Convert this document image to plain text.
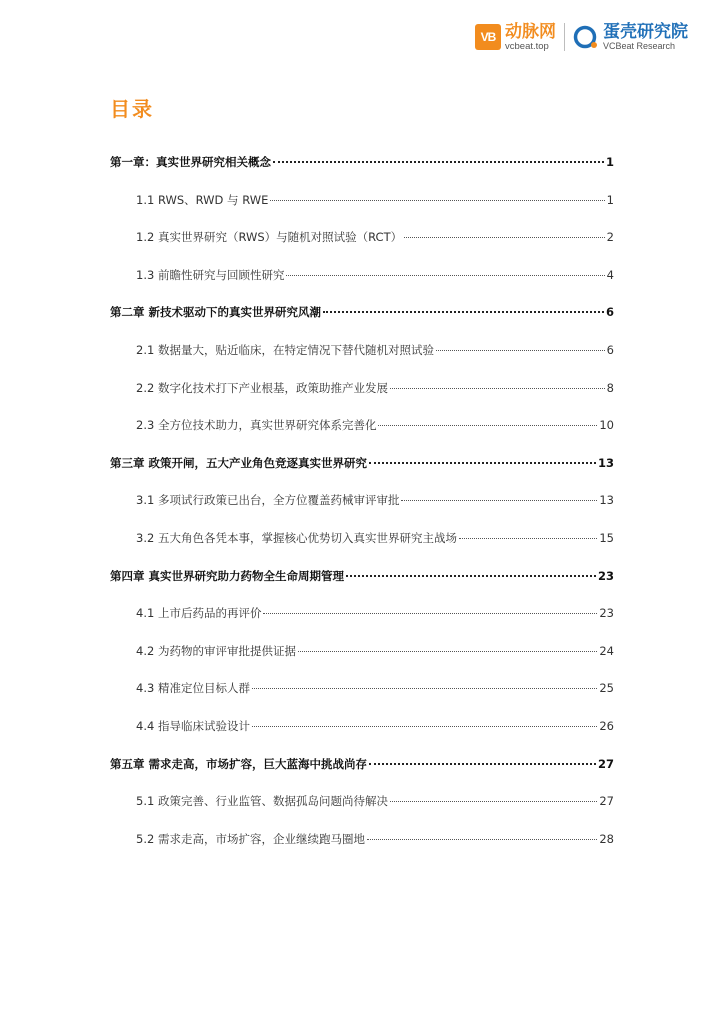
VB 动脉网
vcbeat.top
蛋壳研究院
VCBeat Research
目录
第一章：真实世界研究相关概念	1
1.1 RWS、RWD 与 RWE	1
1.2 真实世界研究（RWS）与随机对照试验（RCT）	2
1.3 前瞻性研究与回顾性研究	4
第二章 新技术驱动下的真实世界研究风潮	6
2.1 数据量大，贴近临床，在特定情况下替代随机对照试验	6
2.2 数字化技术打下产业根基，政策助推产业发展	8
2.3 全方位技术助力，真实世界研究体系完善化	10
第三章 政策开闸，五大产业角色竞逐真实世界研究	13
3.1 多项试行政策已出台，全方位覆盖药械审评审批	13
3.2 五大角色各凭本事，掌握核心优势切入真实世界研究主战场	15
第四章 真实世界研究助力药物全生命周期管理	23
4.1 上市后药品的再评价	23
4.2 为药物的审评审批提供证据	24
4.3 精准定位目标人群	25
4.4 指导临床试验设计	26
第五章 需求走高，市场扩容，巨大蓝海中挑战尚存	27
5.1 政策完善、行业监管、数据孤岛问题尚待解决	27
5.2 需求走高，市场扩容，企业继续跑马圈地	28
